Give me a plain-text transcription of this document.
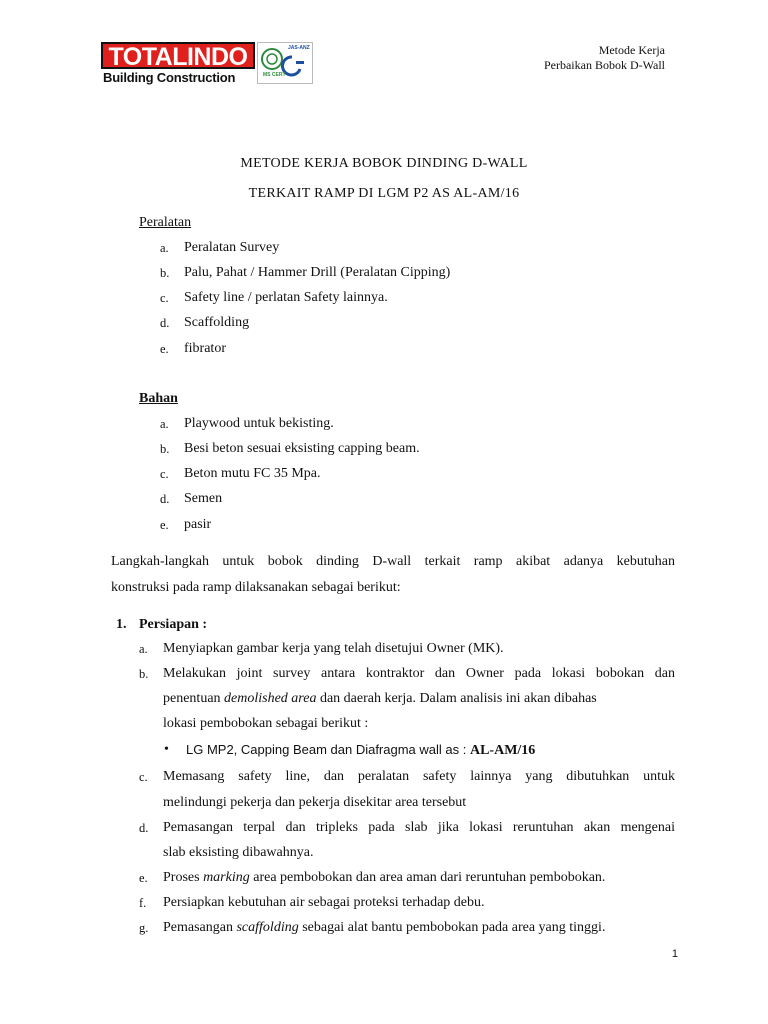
TOTALINDO
Building Construction
JAS-ANZ
MS CERT
Metode Kerja
Perbaikan Bobok D-Wall
METODE KERJA BOBOK DINDING D-WALL
TERKAIT RAMP DI LGM P2 AS AL-AM/16
Peralatan
a. Peralatan Survey
b. Palu, Pahat / Hammer Drill (Peralatan Cipping)
c. Safety line / perlatan Safety lainnya.
d. Scaffolding
e. fibrator
Bahan
a. Playwood untuk bekisting.
b. Besi beton sesuai eksisting capping beam.
c. Beton mutu FC 35 Mpa.
d. Semen
e. pasir
Langkah-langkah untuk bobok dinding D-wall terkait ramp akibat adanya kebutuhan
konstruksi pada ramp dilaksanakan sebagai berikut:
1. Persiapan :
a. Menyiapkan gambar kerja yang telah disetujui Owner (MK).
b. Melakukan joint survey antara kontraktor dan Owner pada lokasi bobokan dan
penentuan demolished area dan daerah kerja. Dalam analisis ini akan dibahas
lokasi pembobokan sebagai berikut :
• LG MP2, Capping Beam dan Diafragma wall as : AL-AM/16
c. Memasang safety line, dan peralatan safety lainnya yang dibutuhkan untuk
melindungi pekerja dan pekerja disekitar area tersebut
d. Pemasangan terpal dan tripleks pada slab jika lokasi reruntuhan akan mengenai
slab eksisting dibawahnya.
e. Proses marking area pembobokan dan area aman dari reruntuhan pembobokan.
f. Persiapkan kebutuhan air sebagai proteksi terhadap debu.
g. Pemasangan scaffolding sebagai alat bantu pembobokan pada area yang tinggi.
1
